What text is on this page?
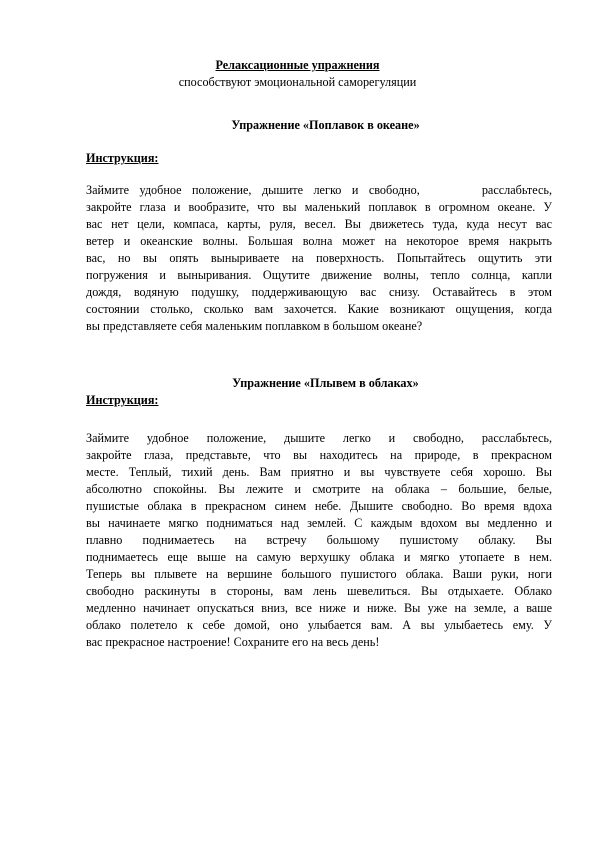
Релаксационные упражнения
способствуют эмоциональной саморегуляции
Упражнение «Поплавок в океане»
Инструкция:
Займите удобное положение, дышите легко и свободно,	расслабьтесь,
закройте глаза и вообразите, что вы маленький поплавок в огромном океане. У
вас нет цели, компаса, карты, руля, весел. Вы движетесь туда, куда несут вас
ветер и океанские волны. Большая волна может на некоторое время накрыть
вас, но вы опять выныриваете на поверхность. Попытайтесь ощутить эти
погружения и выныривания. Ощутите движение волны, тепло солнца, капли
дождя, водяную подушку, поддерживающую вас снизу. Оставайтесь в этом
состоянии столько, сколько вам захочется. Какие возникают ощущения, когда
вы представляете себя маленьким поплавком в большом океане?
Упражнение «Плывем в облаках»
Инструкция:
Займите удобное положение, дышите легко и свободно, расслабьтесь,
закройте глаза, представьте, что вы находитесь на природе, в прекрасном
месте. Теплый, тихий день. Вам приятно и вы чувствуете себя хорошо. Вы
абсолютно спокойны. Вы лежите и смотрите на облака – большие, белые,
пушистые облака в прекрасном синем небе. Дышите свободно. Во время вдоха
вы начинаете мягко подниматься над землей. С каждым вдохом вы медленно и
плавно поднимаетесь на встречу большому пушистому облаку. Вы
поднимаетесь еще выше на самую верхушку облака и мягко утопаете в нем.
Теперь вы плывете на вершине большого пушистого облака. Ваши руки, ноги
свободно раскинуты в стороны, вам лень шевелиться. Вы отдыхаете. Облако
медленно начинает опускаться вниз, все ниже и ниже. Вы уже на земле, а ваше
облако полетело к себе домой, оно улыбается вам. А вы улыбаетесь ему. У
вас прекрасное настроение! Сохраните его на весь день!
